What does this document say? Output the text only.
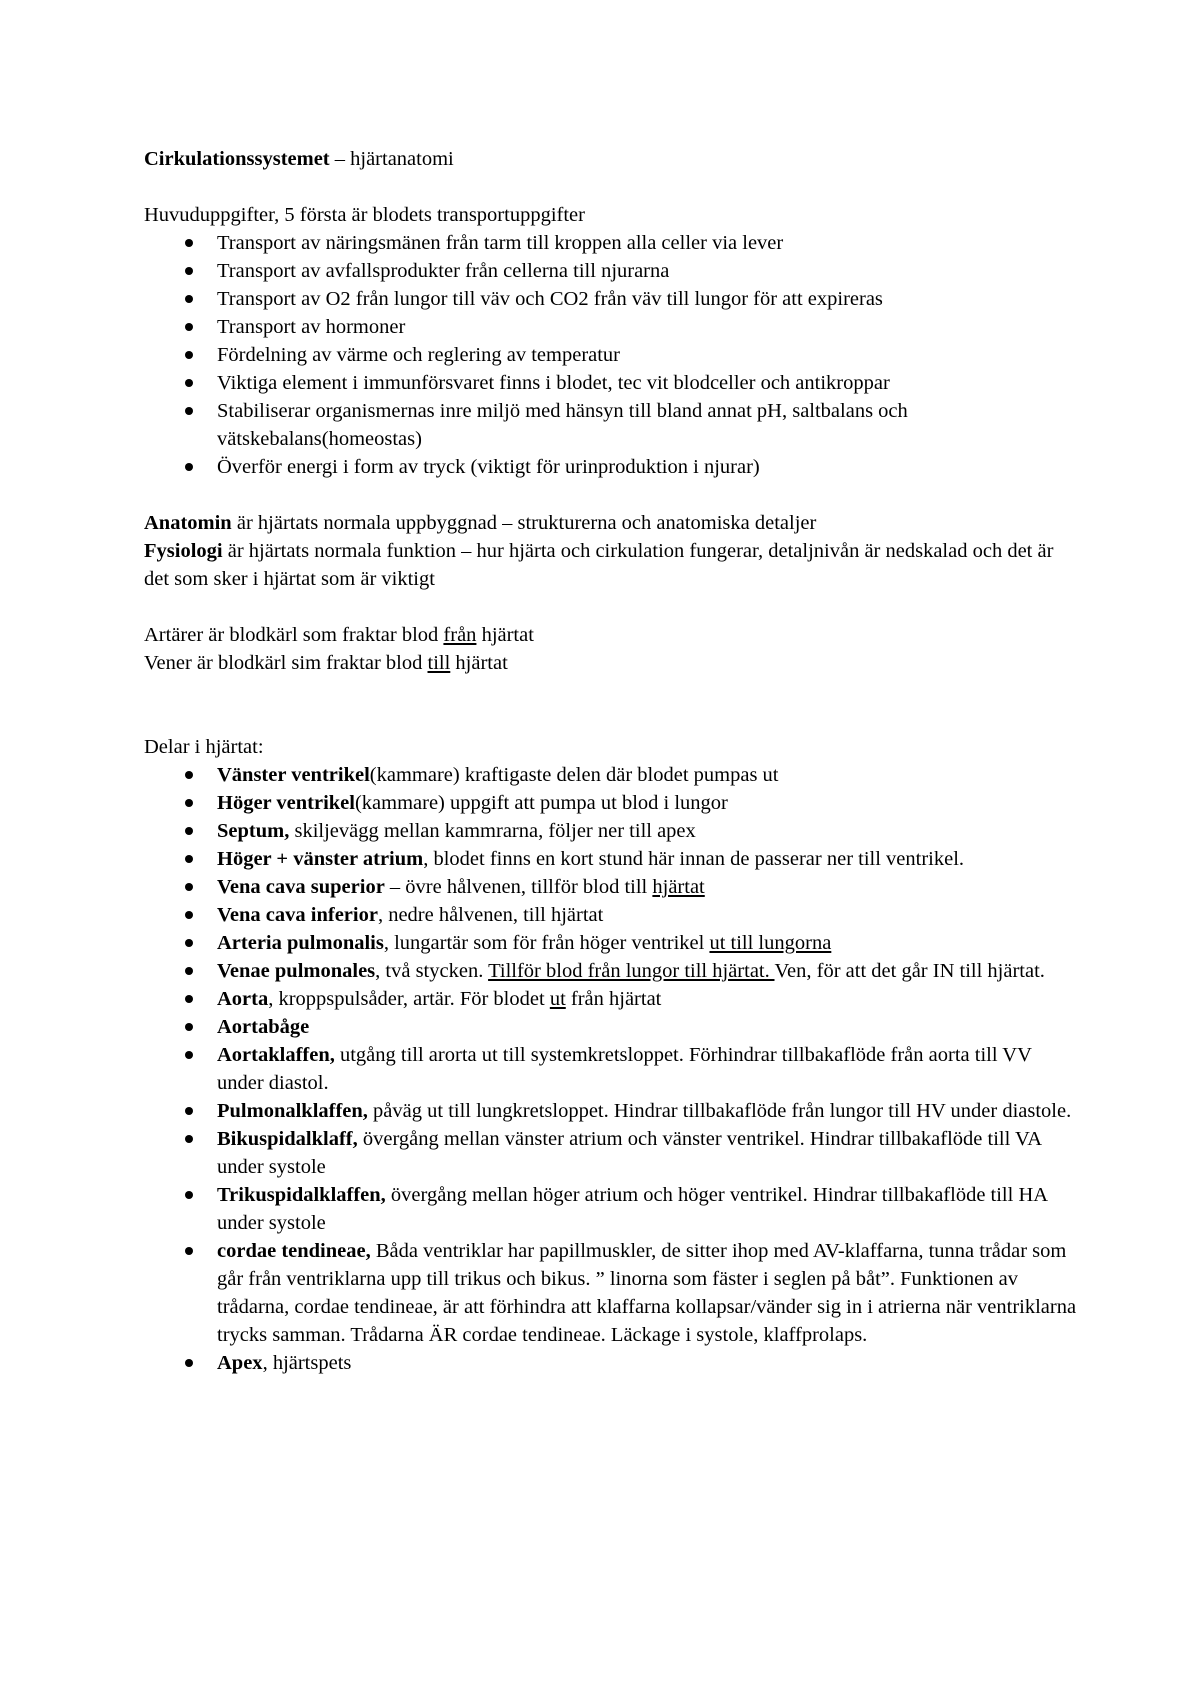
Cirkulationssystemet – hjärtanatomi

Huvuduppgifter, 5 första är blodets transportuppgifter

Transport av näringsmänen från tarm till kroppen alla celler via lever
Transport av avfallsprodukter från cellerna till njurarna
Transport av O2 från lungor till väv och CO2 från väv till lungor för att expireras
Transport av hormoner
Fördelning av värme och reglering av temperatur
Viktiga element i immunförsvaret finns i blodet, tec vit blodceller och antikroppar
Stabiliserar organismernas inre miljö med hänsyn till bland annat pH, saltbalans och vätskebalans(homeostas)
Överför energi i form av tryck (viktigt för urinproduktion i njurar)

Anatomin är hjärtats normala uppbyggnad – strukturerna och anatomiska detaljer

Fysiologi är hjärtats normala funktion – hur hjärta och cirkulation fungerar, detaljnivån är nedskalad och det är det som sker i hjärtat som är viktigt

Artärer är blodkärl som fraktar blod från hjärtat

Vener är blodkärl sim fraktar blod till hjärtat

Delar i hjärtat:

Vänster ventrikel(kammare) kraftigaste delen där blodet pumpas ut
Höger ventrikel(kammare) uppgift att pumpa ut blod i lungor
Septum, skiljevägg mellan kammrarna, följer ner till apex
Höger + vänster atrium, blodet finns en kort stund här innan de passerar ner till ventrikel.
Vena cava superior – övre hålvenen, tillför blod till hjärtat
Vena cava inferior, nedre hålvenen, till hjärtat
Arteria pulmonalis, lungartär som för från höger ventrikel ut till lungorna
Venae pulmonales, två stycken. Tillför blod från lungor till hjärtat. Ven, för att det går IN till hjärtat.
Aorta, kroppspulsåder, artär. För blodet ut från hjärtat
Aortabåge
Aortaklaffen, utgång till arorta ut till systemkretsloppet. Förhindrar tillbakaflöde från aorta till VV under diastol.
Pulmonalklaffen, påväg ut till lungkretsloppet. Hindrar tillbakaflöde från lungor till HV under diastole.
Bikuspidalklaff, övergång mellan vänster atrium och vänster ventrikel. Hindrar tillbakaflöde till VA under systole
Trikuspidalklaffen, övergång mellan höger atrium och höger ventrikel. Hindrar tillbakaflöde till HA under systole
cordae tendineae, Båda ventriklar har papillmuskler, de sitter ihop med AV-klaffarna, tunna trådar som går från ventriklarna upp till trikus och bikus. ” linorna som fäster i seglen på båt”. Funktionen av trådarna, cordae tendineae, är att förhindra att klaffarna kollapsar/vänder sig in i atrierna när ventriklarna trycks samman. Trådarna ÄR cordae tendineae. Läckage i systole, klaffprolaps.
Apex, hjärtspets
